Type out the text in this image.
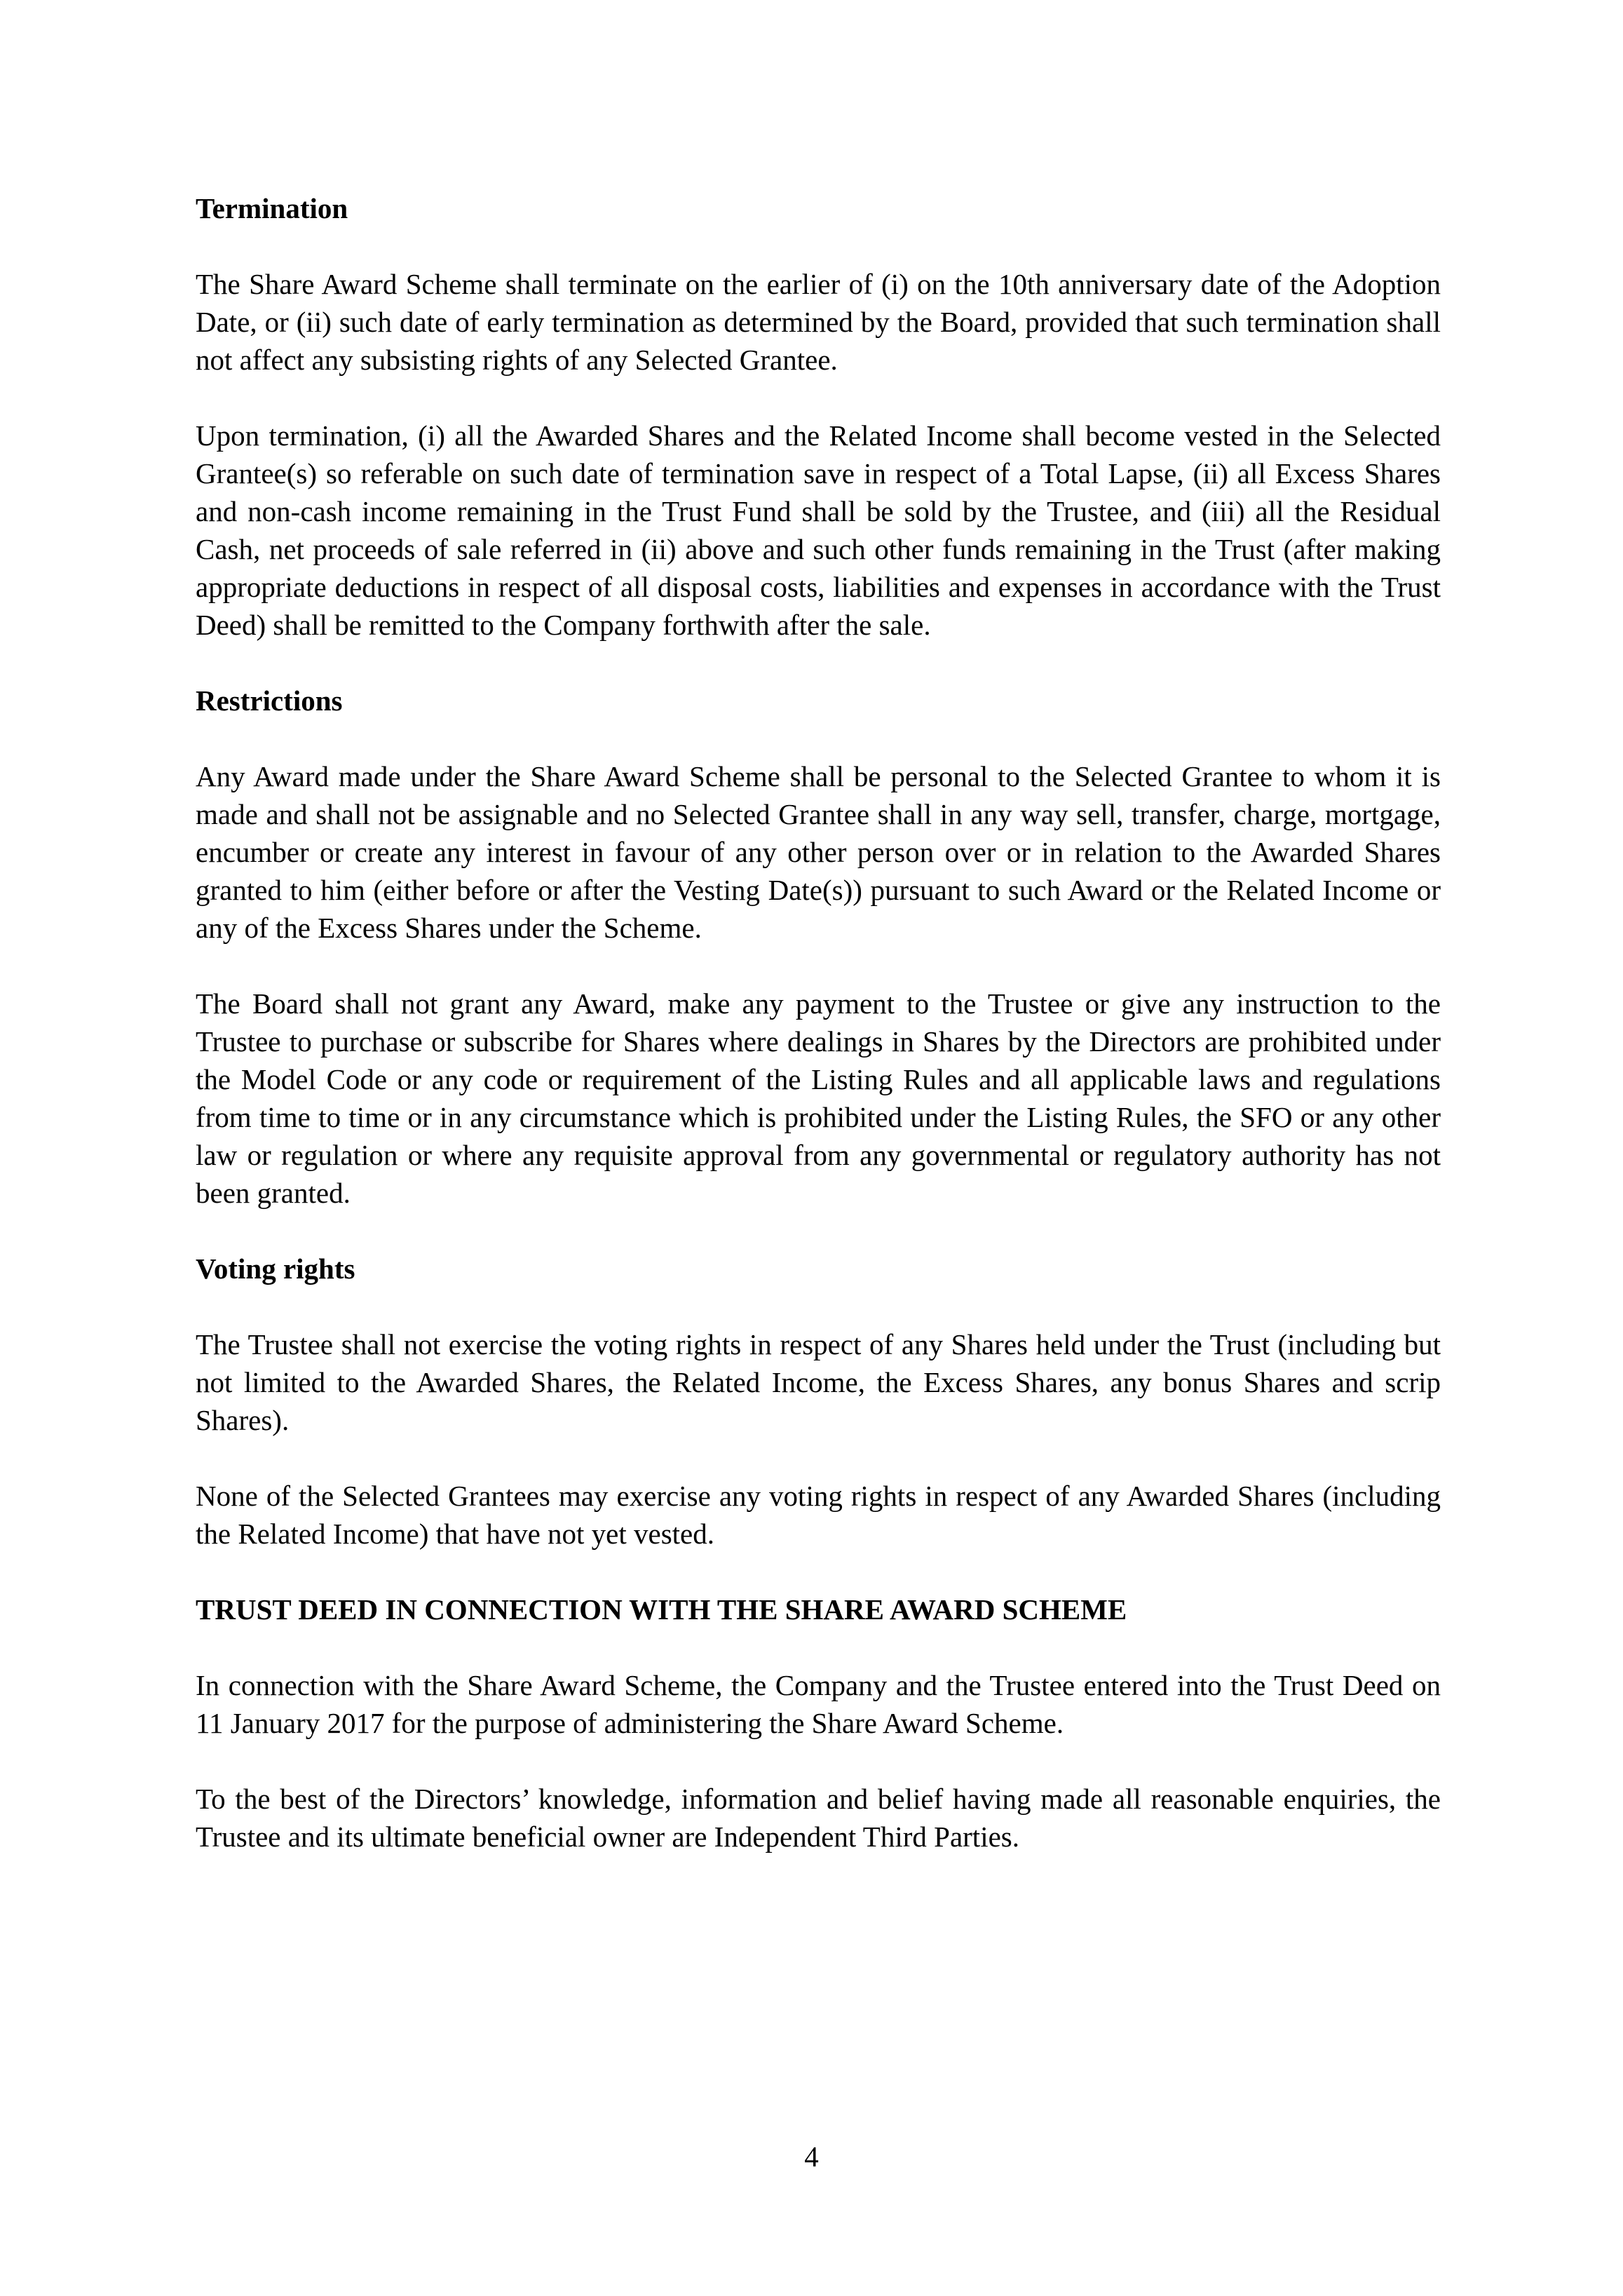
Termination

The Share Award Scheme shall terminate on the earlier of (i) on the 10th anniversary date of the Adoption Date, or (ii) such date of early termination as determined by the Board, provided that such termination shall not affect any subsisting rights of any Selected Grantee.

Upon termination, (i) all the Awarded Shares and the Related Income shall become vested in the Selected Grantee(s) so referable on such date of termination save in respect of a Total Lapse, (ii) all Excess Shares and non-cash income remaining in the Trust Fund shall be sold by the Trustee, and (iii) all the Residual Cash, net proceeds of sale referred in (ii) above and such other funds remaining in the Trust (after making appropriate deductions in respect of all disposal costs, liabilities and expenses in accordance with the Trust Deed) shall be remitted to the Company forthwith after the sale.

Restrictions

Any Award made under the Share Award Scheme shall be personal to the Selected Grantee to whom it is made and shall not be assignable and no Selected Grantee shall in any way sell, transfer, charge, mortgage, encumber or create any interest in favour of any other person over or in relation to the Awarded Shares granted to him (either before or after the Vesting Date(s)) pursuant to such Award or the Related Income or any of the Excess Shares under the Scheme.

The Board shall not grant any Award, make any payment to the Trustee or give any instruction to the Trustee to purchase or subscribe for Shares where dealings in Shares by the Directors are prohibited under the Model Code or any code or requirement of the Listing Rules and all applicable laws and regulations from time to time or in any circumstance which is prohibited under the Listing Rules, the SFO or any other law or regulation or where any requisite approval from any governmental or regulatory authority has not been granted.

Voting rights

The Trustee shall not exercise the voting rights in respect of any Shares held under the Trust (including but not limited to the Awarded Shares, the Related Income, the Excess Shares, any bonus Shares and scrip Shares).

None of the Selected Grantees may exercise any voting rights in respect of any Awarded Shares (including the Related Income) that have not yet vested.

TRUST DEED IN CONNECTION WITH THE SHARE AWARD SCHEME

In connection with the Share Award Scheme, the Company and the Trustee entered into the Trust Deed on 11 January 2017 for the purpose of administering the Share Award Scheme.

To the best of the Directors’ knowledge, information and belief having made all reasonable enquiries, the Trustee and its ultimate beneficial owner are Independent Third Parties.

4
